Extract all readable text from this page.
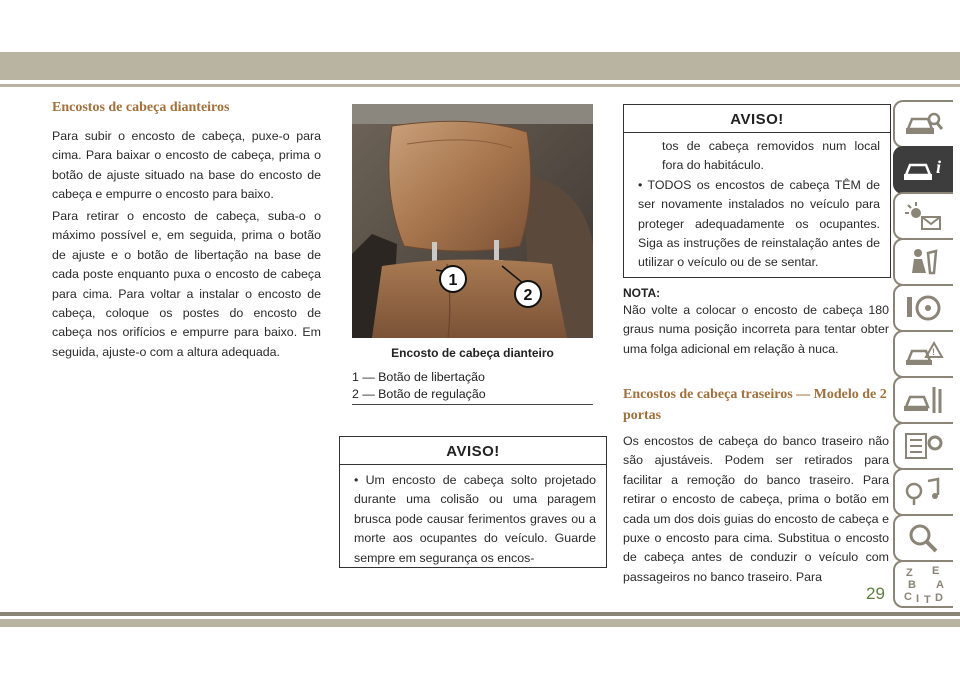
Encostos de cabeça dianteiros

Para subir o encosto de cabeça, puxe-o para cima. Para baixar o encosto de cabeça, prima o botão de ajuste situado na base do encosto de cabeça e empurre o encosto para baixo.

Para retirar o encosto de cabeça, suba-o o máximo possível e, em seguida, prima o botão de ajuste e o botão de libertação na base de cada poste enquanto puxa o encosto de cabeça para cima. Para voltar a instalar o encosto de cabeça, coloque os postes do encosto de cabeça nos orifícios e empurre para baixo. Em seguida, ajuste-o com a altura adequada.

1
2
Encosto de cabeça dianteiro
1 — Botão de libertação
2 — Botão de regulação
AVISO!
• Um encosto de cabeça solto projetado durante uma colisão ou uma paragem brusca pode causar ferimentos graves ou a morte aos ocupantes do veículo. Guarde sempre em segurança os encos-
AVISO!
tos de cabeça removidos num local fora do habitáculo.
• TODOS os encostos de cabeça TÊM de ser novamente instalados no veículo para proteger adequadamente os ocupantes. Siga as instruções de reinstalação antes de utilizar o veículo ou de se sentar.
NOTA:

Não volte a colocar o encosto de cabeça 180 graus numa posição incorreta para tentar obter uma folga adicional em relação à nuca.

Encostos de cabeça traseiros — Modelo de 2 portas

Os encostos de cabeça do banco traseiro não são ajustáveis. Podem ser retirados para facilitar a remoção do banco traseiro. Para retirar o encosto de cabeça, prima o botão em cada um dos dois guias do encosto de cabeça e puxe o encosto para cima. Substitua o encosto de cabeça antes de conduzir o veículo com passageiros no banco traseiro. Para

i
!
Z E
B A
C D
I T
29
